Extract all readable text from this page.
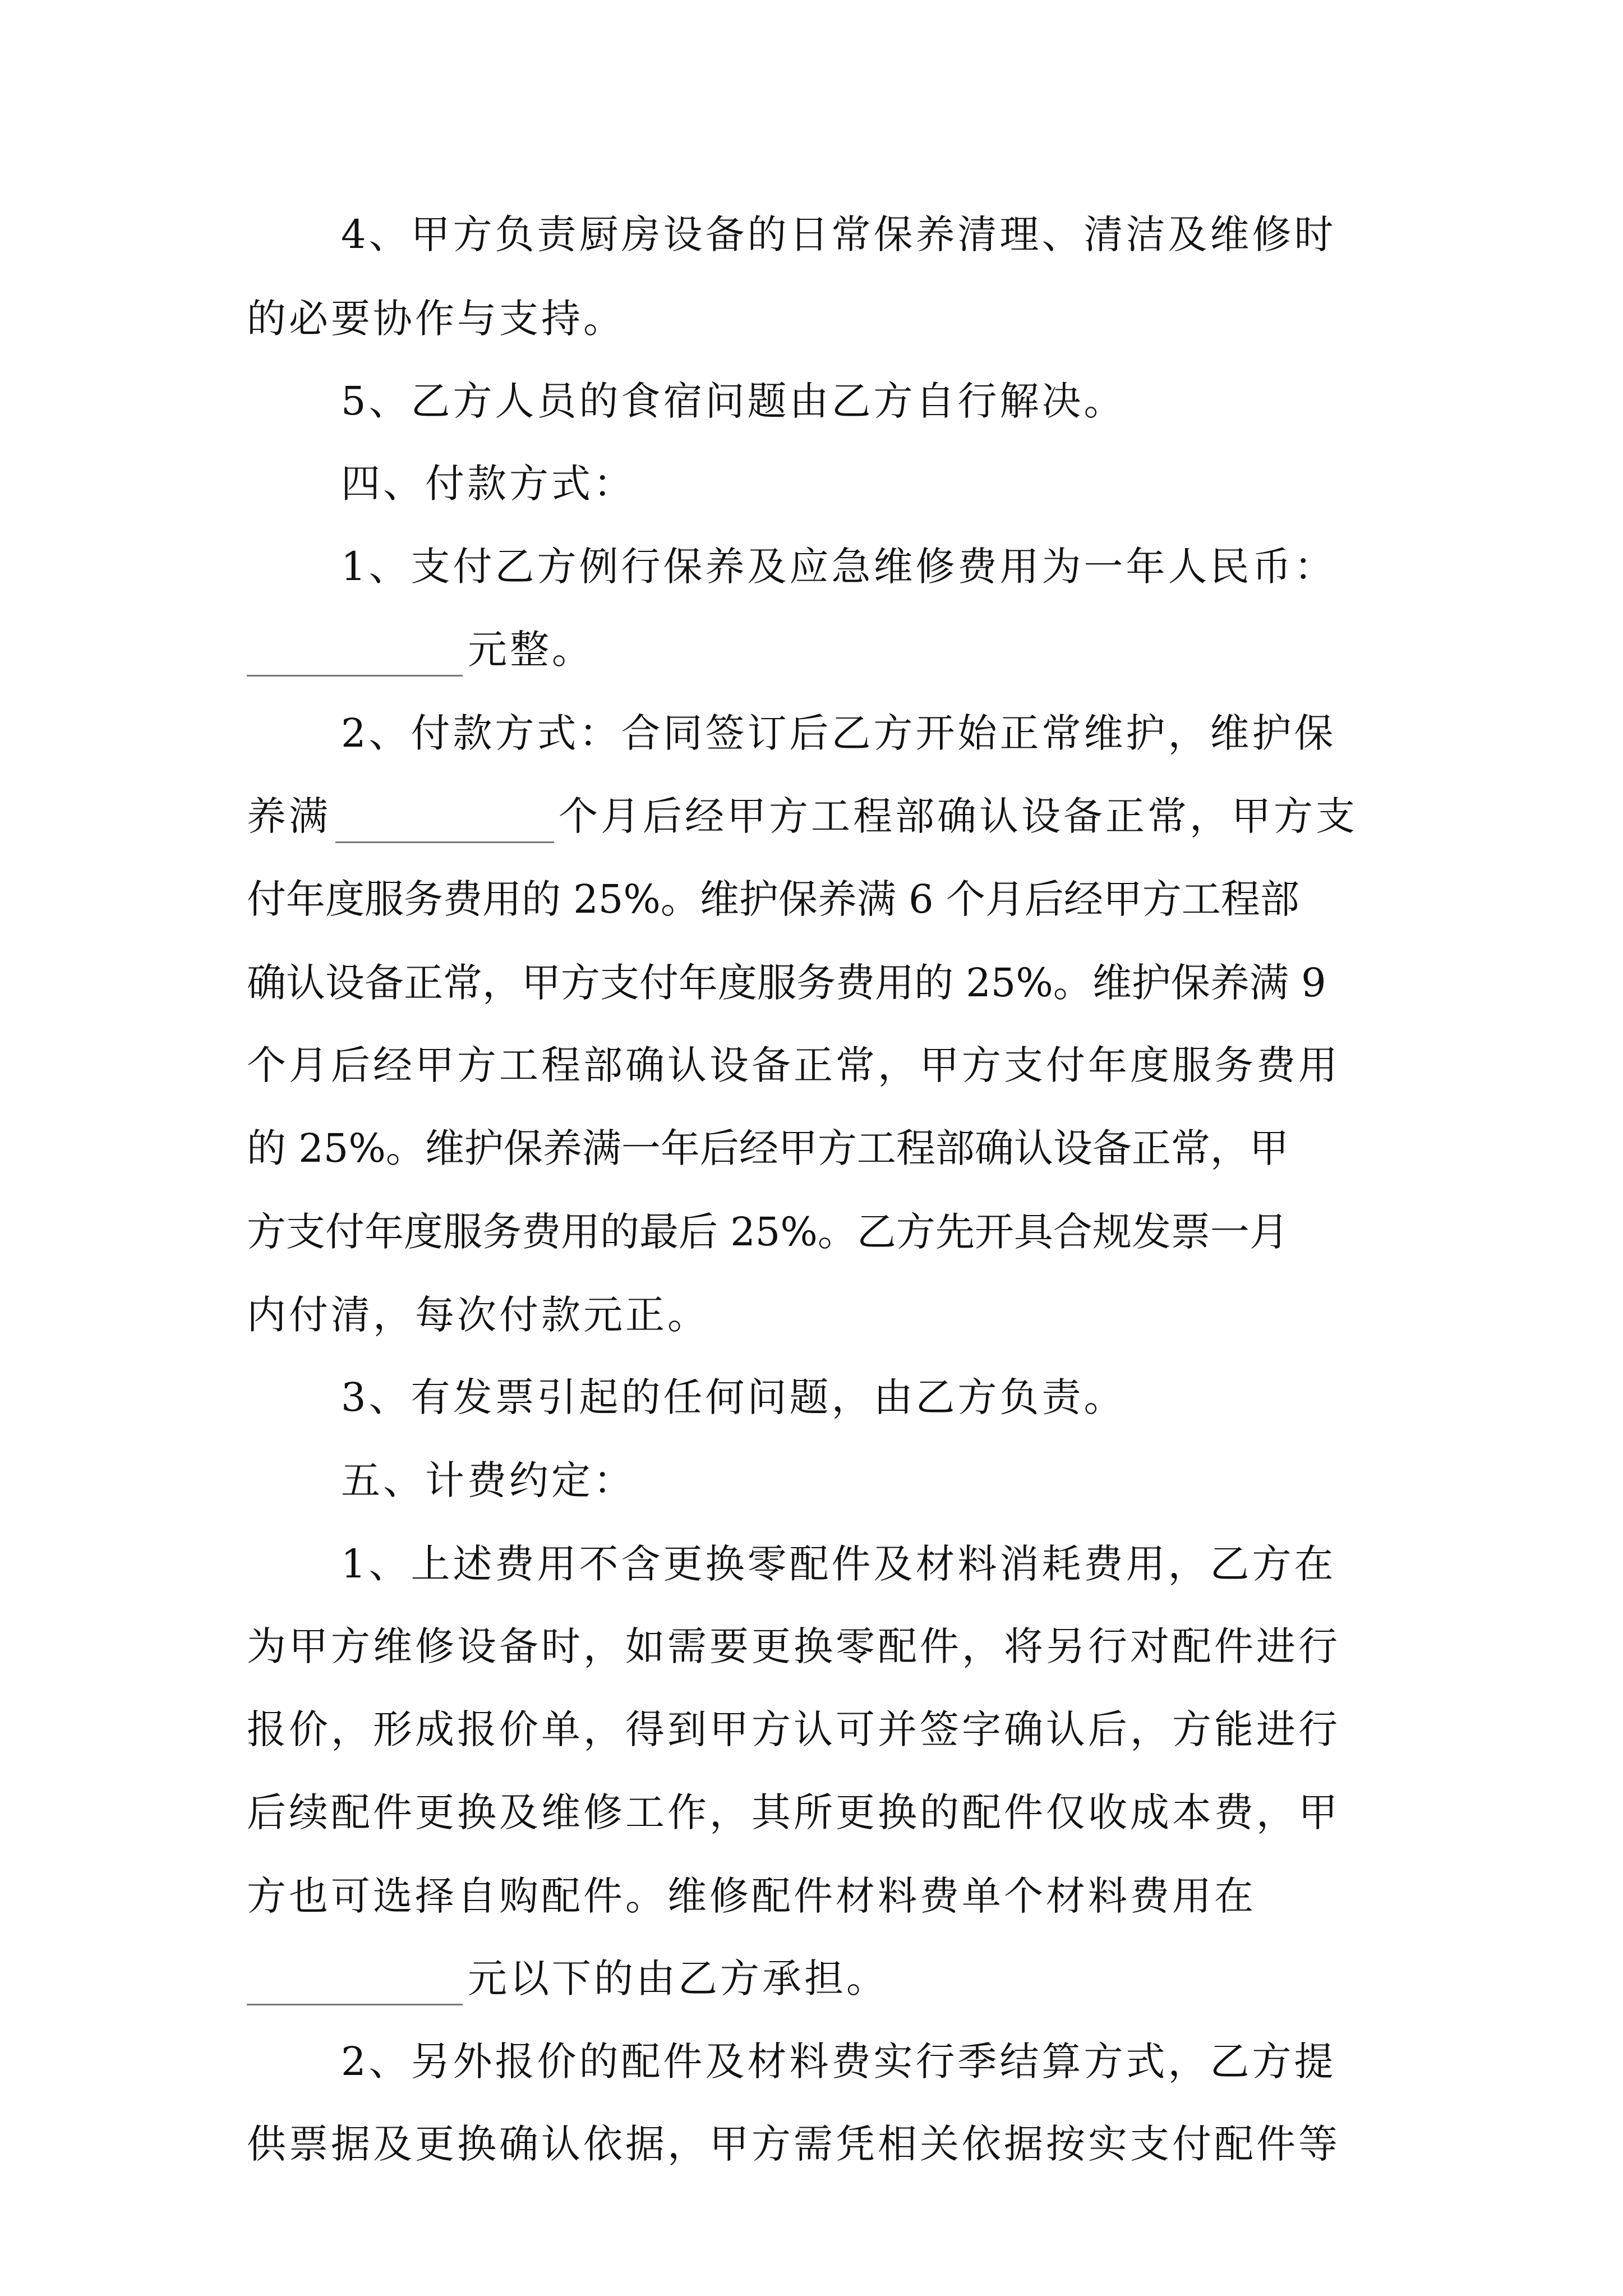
4、甲方负责厨房设备的日常保养清理、清洁及维修时
的必要协作与支持。
5、乙方人员的食宿问题由乙方自行解决。
四、付款方式：
1、支付乙方例行保养及应急维修费用为一年人民币：
元整。
2、付款方式：合同签订后乙方开始正常维护，维护保
养满	个月后经甲方工程部确认设备正常，甲方支
付年度服务费用的 25%。维护保养满 6 个月后经甲方工程部
确认设备正常，甲方支付年度服务费用的 25%。维护保养满 9
个月后经甲方工程部确认设备正常，甲方支付年度服务费用
的 25%。维护保养满一年后经甲方工程部确认设备正常，甲
方支付年度服务费用的最后 25%。乙方先开具合规发票一月
内付清，每次付款元正。
3、有发票引起的任何问题，由乙方负责。
五、计费约定：
1、上述费用不含更换零配件及材料消耗费用，乙方在
为甲方维修设备时，如需要更换零配件，将另行对配件进行
报价，形成报价单，得到甲方认可并签字确认后，方能进行
后续配件更换及维修工作，其所更换的配件仅收成本费，甲
方也可选择自购配件。维修配件材料费单个材料费用在
元以下的由乙方承担。
2、另外报价的配件及材料费实行季结算方式，乙方提
供票据及更换确认依据，甲方需凭相关依据按实支付配件等
